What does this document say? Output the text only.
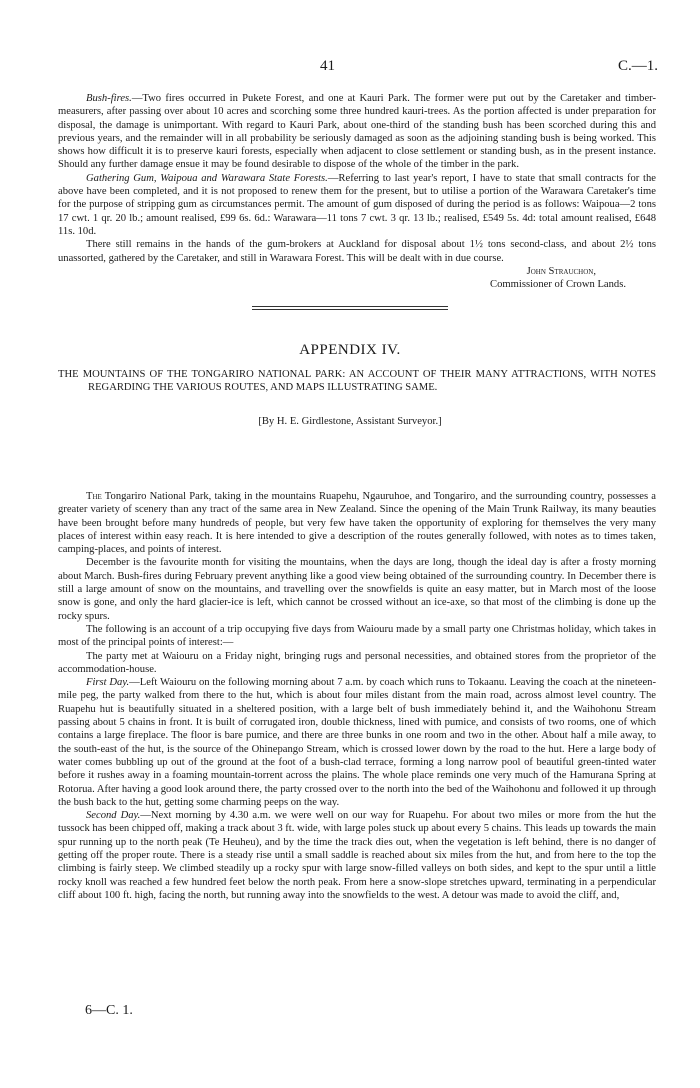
41	C.—1.

Bush-fires.—Two fires occurred in Pukete Forest, and one at Kauri Park. The former were put out by the Caretaker and timber-measurers, after passing over about 10 acres and scorching some three hundred kauri-trees. As the portion affected is under preparation for disposal, the damage is unimportant. With regard to Kauri Park, about one-third of the standing bush has been scorched during this and previous years, and the remainder will in all probability be seriously damaged as soon as the adjoining standing bush is being worked. This shows how difficult it is to preserve kauri forests, especially when adjacent to close settlement or standing bush, as in the present instance. Should any further damage ensue it may be found desirable to dispose of the whole of the timber in the park.

Gathering Gum, Waipoua and Warawara State Forests.—Referring to last year's report, I have to state that small contracts for the above have been completed, and it is not proposed to renew them for the present, but to utilise a portion of the Warawara Caretaker's time for the purpose of stripping gum as circumstances permit. The amount of gum disposed of during the period is as follows: Waipoua—2 tons 17 cwt. 1 qr. 20 lb.; amount realised, £99 6s. 6d.: Warawara—11 tons 7 cwt. 3 qr. 13 lb.; realised, £549 5s. 4d: total amount realised, £648 11s. 10d.

There still remains in the hands of the gum-brokers at Auckland for disposal about 1½ tons second-class, and about 2½ tons unassorted, gathered by the Caretaker, and still in Warawara Forest. This will be dealt with in due course.

John Strauchon,

Commissioner of Crown Lands.

APPENDIX IV.

THE MOUNTAINS OF THE TONGARIRO NATIONAL PARK: AN ACCOUNT OF THEIR MANY ATTRACTIONS, WITH NOTES REGARDING THE VARIOUS ROUTES, AND MAPS ILLUSTRATING SAME.

[By H. E. Girdlestone, Assistant Surveyor.]

The Tongariro National Park, taking in the mountains Ruapehu, Ngauruhoe, and Tongariro, and the surrounding country, possesses a greater variety of scenery than any tract of the same area in New Zealand. Since the opening of the Main Trunk Railway, its many beauties have been brought before many hundreds of people, but very few have taken the opportunity of exploring for themselves the very many places of interest within easy reach. It is here intended to give a description of the routes generally followed, with notes as to times taken, camping-places, and points of interest.

December is the favourite month for visiting the mountains, when the days are long, though the ideal day is after a frosty morning about March. Bush-fires during February prevent anything like a good view being obtained of the surrounding country. In December there is still a large amount of snow on the mountains, and travelling over the snowfields is quite an easy matter, but in March most of the loose snow is gone, and only the hard glacier-ice is left, which cannot be crossed without an ice-axe, so that most of the climbing is done up the rocky spurs.

The following is an account of a trip occupying five days from Waiouru made by a small party one Christmas holiday, which takes in most of the principal points of interest:—

The party met at Waiouru on a Friday night, bringing rugs and personal necessities, and obtained stores from the proprietor of the accommodation-house.

First Day.—Left Waiouru on the following morning about 7 a.m. by coach which runs to Tokaanu. Leaving the coach at the nineteen-mile peg, the party walked from there to the hut, which is about four miles distant from the main road, across almost level country. The Ruapehu hut is beautifully situated in a sheltered position, with a large belt of bush immediately behind it, and the Waihohonu Stream passing about 5 chains in front. It is built of corrugated iron, double thickness, lined with pumice, and consists of two rooms, one of which contains a large fireplace. The floor is bare pumice, and there are three bunks in one room and two in the other. About half a mile away, to the south-east of the hut, is the source of the Ohinepango Stream, which is crossed lower down by the road to the hut. Here a large body of water comes bubbling up out of the ground at the foot of a bush-clad terrace, forming a long narrow pool of beautiful green-tinted water before it rushes away in a foaming mountain-torrent across the plains. The whole place reminds one very much of the Hamurana Spring at Rotorua. After having a good look around there, the party crossed over to the north into the bed of the Waihohonu and followed it up through the bush back to the hut, getting some charming peeps on the way.

Second Day.—Next morning by 4.30 a.m. we were well on our way for Ruapehu. For about two miles or more from the hut the tussock has been chipped off, making a track about 3 ft. wide, with large poles stuck up about every 5 chains. This leads up towards the main spur running up to the north peak (Te Heuheu), and by the time the track dies out, when the vegetation is left behind, there is no danger of getting off the proper route. There is a steady rise until a small saddle is reached about six miles from the hut, and from here to the top the climbing is fairly steep. We climbed steadily up a rocky spur with large snow-filled valleys on both sides, and kept to the spur until a little rocky knoll was reached a few hundred feet below the north peak. From here a snow-slope stretches upward, terminating in a perpendicular cliff about 100 ft. high, facing the north, but running away into the snowfields to the west. A detour was made to avoid the cliff, and,

6—C. 1.
